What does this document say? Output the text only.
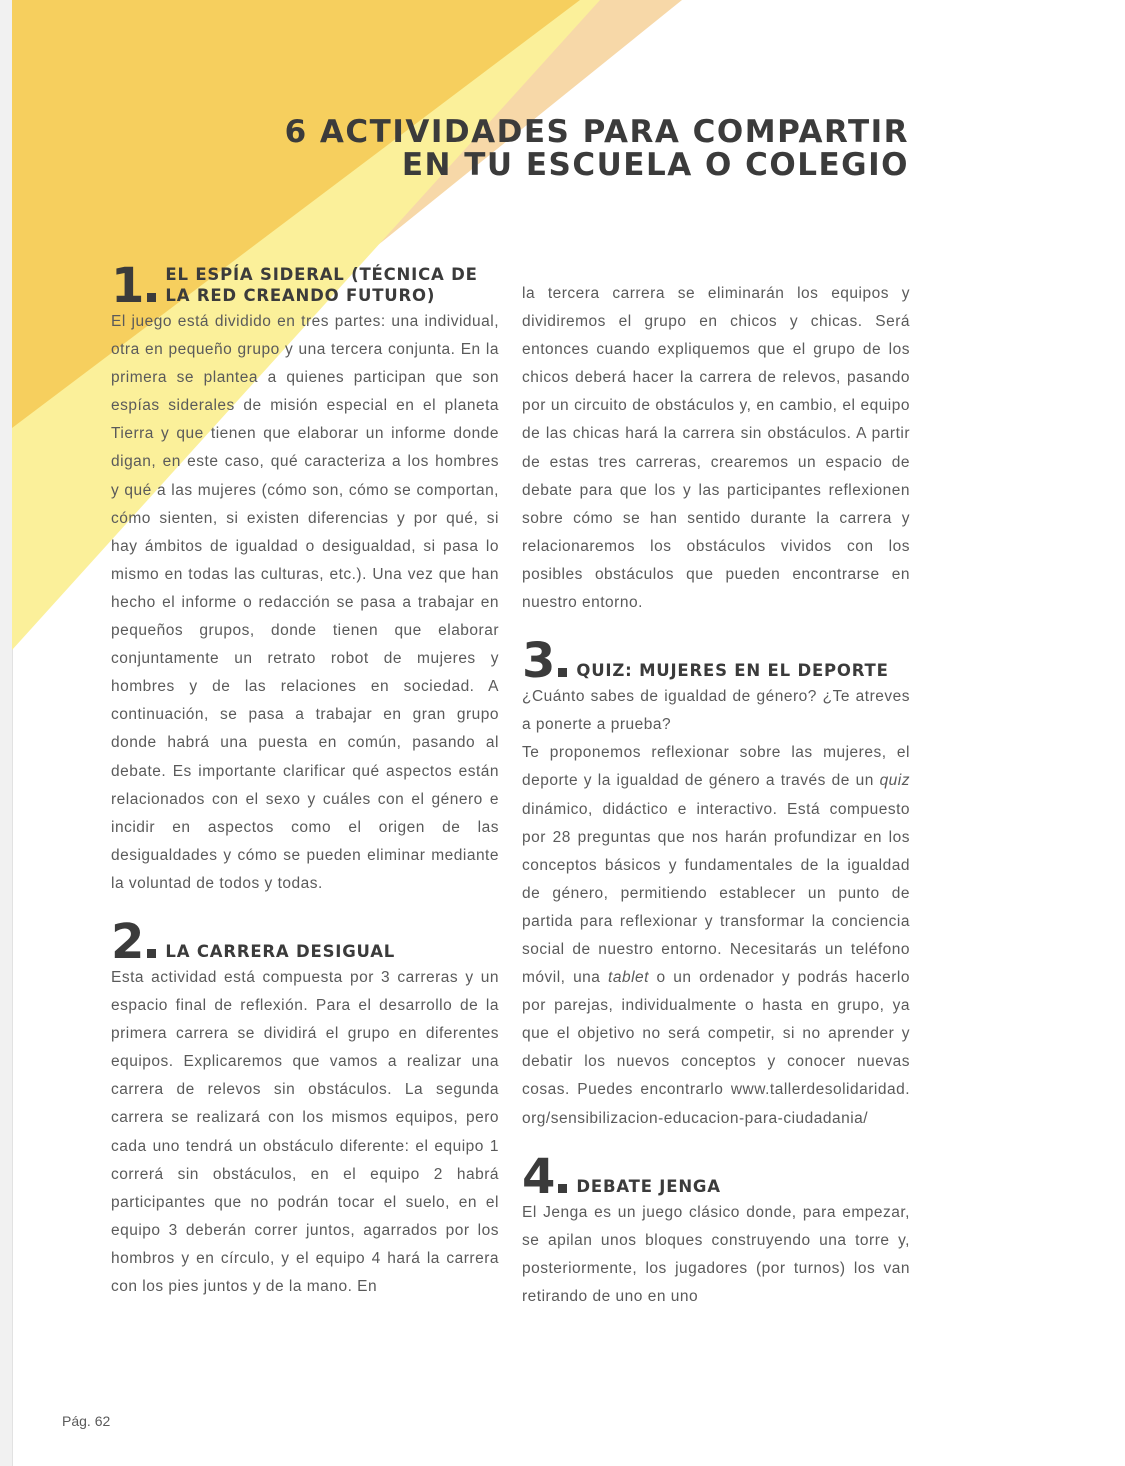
6 ACTIVIDADES PARA COMPARTIR
EN TU ESCUELA O COLEGIO
1 EL ESPÍA SIDERAL (TÉCNICA DE LA RED CREANDO FUTURO)

El juego está dividido en tres partes: una individual, otra en pequeño grupo y una tercera conjunta. En la primera se plantea a quienes participan que son espías siderales de misión especial en el planeta Tierra y que tienen que elaborar un informe donde digan, en este caso, qué caracteriza a los hombres y qué a las mujeres (cómo son, cómo se comportan, cómo sienten, si existen diferencias y por qué, si hay ámbitos de igualdad o desigualdad, si pasa lo mismo en todas las culturas, etc.). Una vez que han hecho el informe o redacción se pasa a trabajar en pequeños grupos, donde tienen que elaborar conjuntamente un retrato robot de mujeres y hombres y de las relaciones en sociedad. A continuación, se pasa a trabajar en gran grupo donde habrá una puesta en común, pasando al debate. Es importante clarificar qué aspectos están relacionados con el sexo y cuáles con el género e incidir en aspectos como el origen de las desigualdades y cómo se pueden eliminar mediante la voluntad de todos y todas.

2 LA CARRERA DESIGUAL

Esta actividad está compuesta por 3 carreras y un espacio final de reflexión. Para el desarrollo de la primera carrera se dividirá el grupo en diferentes equipos. Explicaremos que vamos a realizar una carrera de relevos sin obstáculos. La segunda carrera se realizará con los mismos equipos, pero cada uno tendrá un obstáculo diferente: el equipo 1 correrá sin obstáculos, en el equipo 2 habrá participantes que no podrán tocar el suelo, en el equipo 3 deberán correr juntos, agarrados por los hombros y en círculo, y el equipo 4 hará la carrera con los pies juntos y de la mano. En

la tercera carrera se eliminarán los equipos y dividiremos el grupo en chicos y chicas. Será entonces cuando expliquemos que el grupo de los chicos deberá hacer la carrera de relevos, pasando por un circuito de obstáculos y, en cambio, el equipo de las chicas hará la carrera sin obstáculos. A partir de estas tres carreras, crearemos un espacio de debate para que los y las participantes reflexionen sobre cómo se han sentido durante la carrera y relacionaremos los obstáculos vividos con los posibles obstáculos que pueden encontrarse en nuestro entorno.

3 QUIZ: MUJERES EN EL DEPORTE

¿Cuánto sabes de igualdad de género? ¿Te atreves a ponerte a prueba?

Te proponemos reflexionar sobre las mujeres, el deporte y la igualdad de género a través de un quiz dinámico, didáctico e interactivo. Está compuesto por 28 preguntas que nos harán profundizar en los conceptos básicos y fundamentales de la igualdad de género, permitiendo establecer un punto de partida para reflexionar y transformar la conciencia social de nuestro entorno. Necesitarás un teléfono móvil, una tablet o un ordenador y podrás hacerlo por parejas, individualmente o hasta en grupo, ya que el objetivo no será competir, si no aprender y debatir los nuevos conceptos y conocer nuevas cosas. Puedes encontrarlo www.tallerdesolidaridad.org/sensibilizacion-educacion-para-ciudadania/

4 DEBATE JENGA

El Jenga es un juego clásico donde, para empezar, se apilan unos bloques construyendo una torre y, posteriormente, los jugadores (por turnos) los van retirando de uno en uno

Pág. 62
